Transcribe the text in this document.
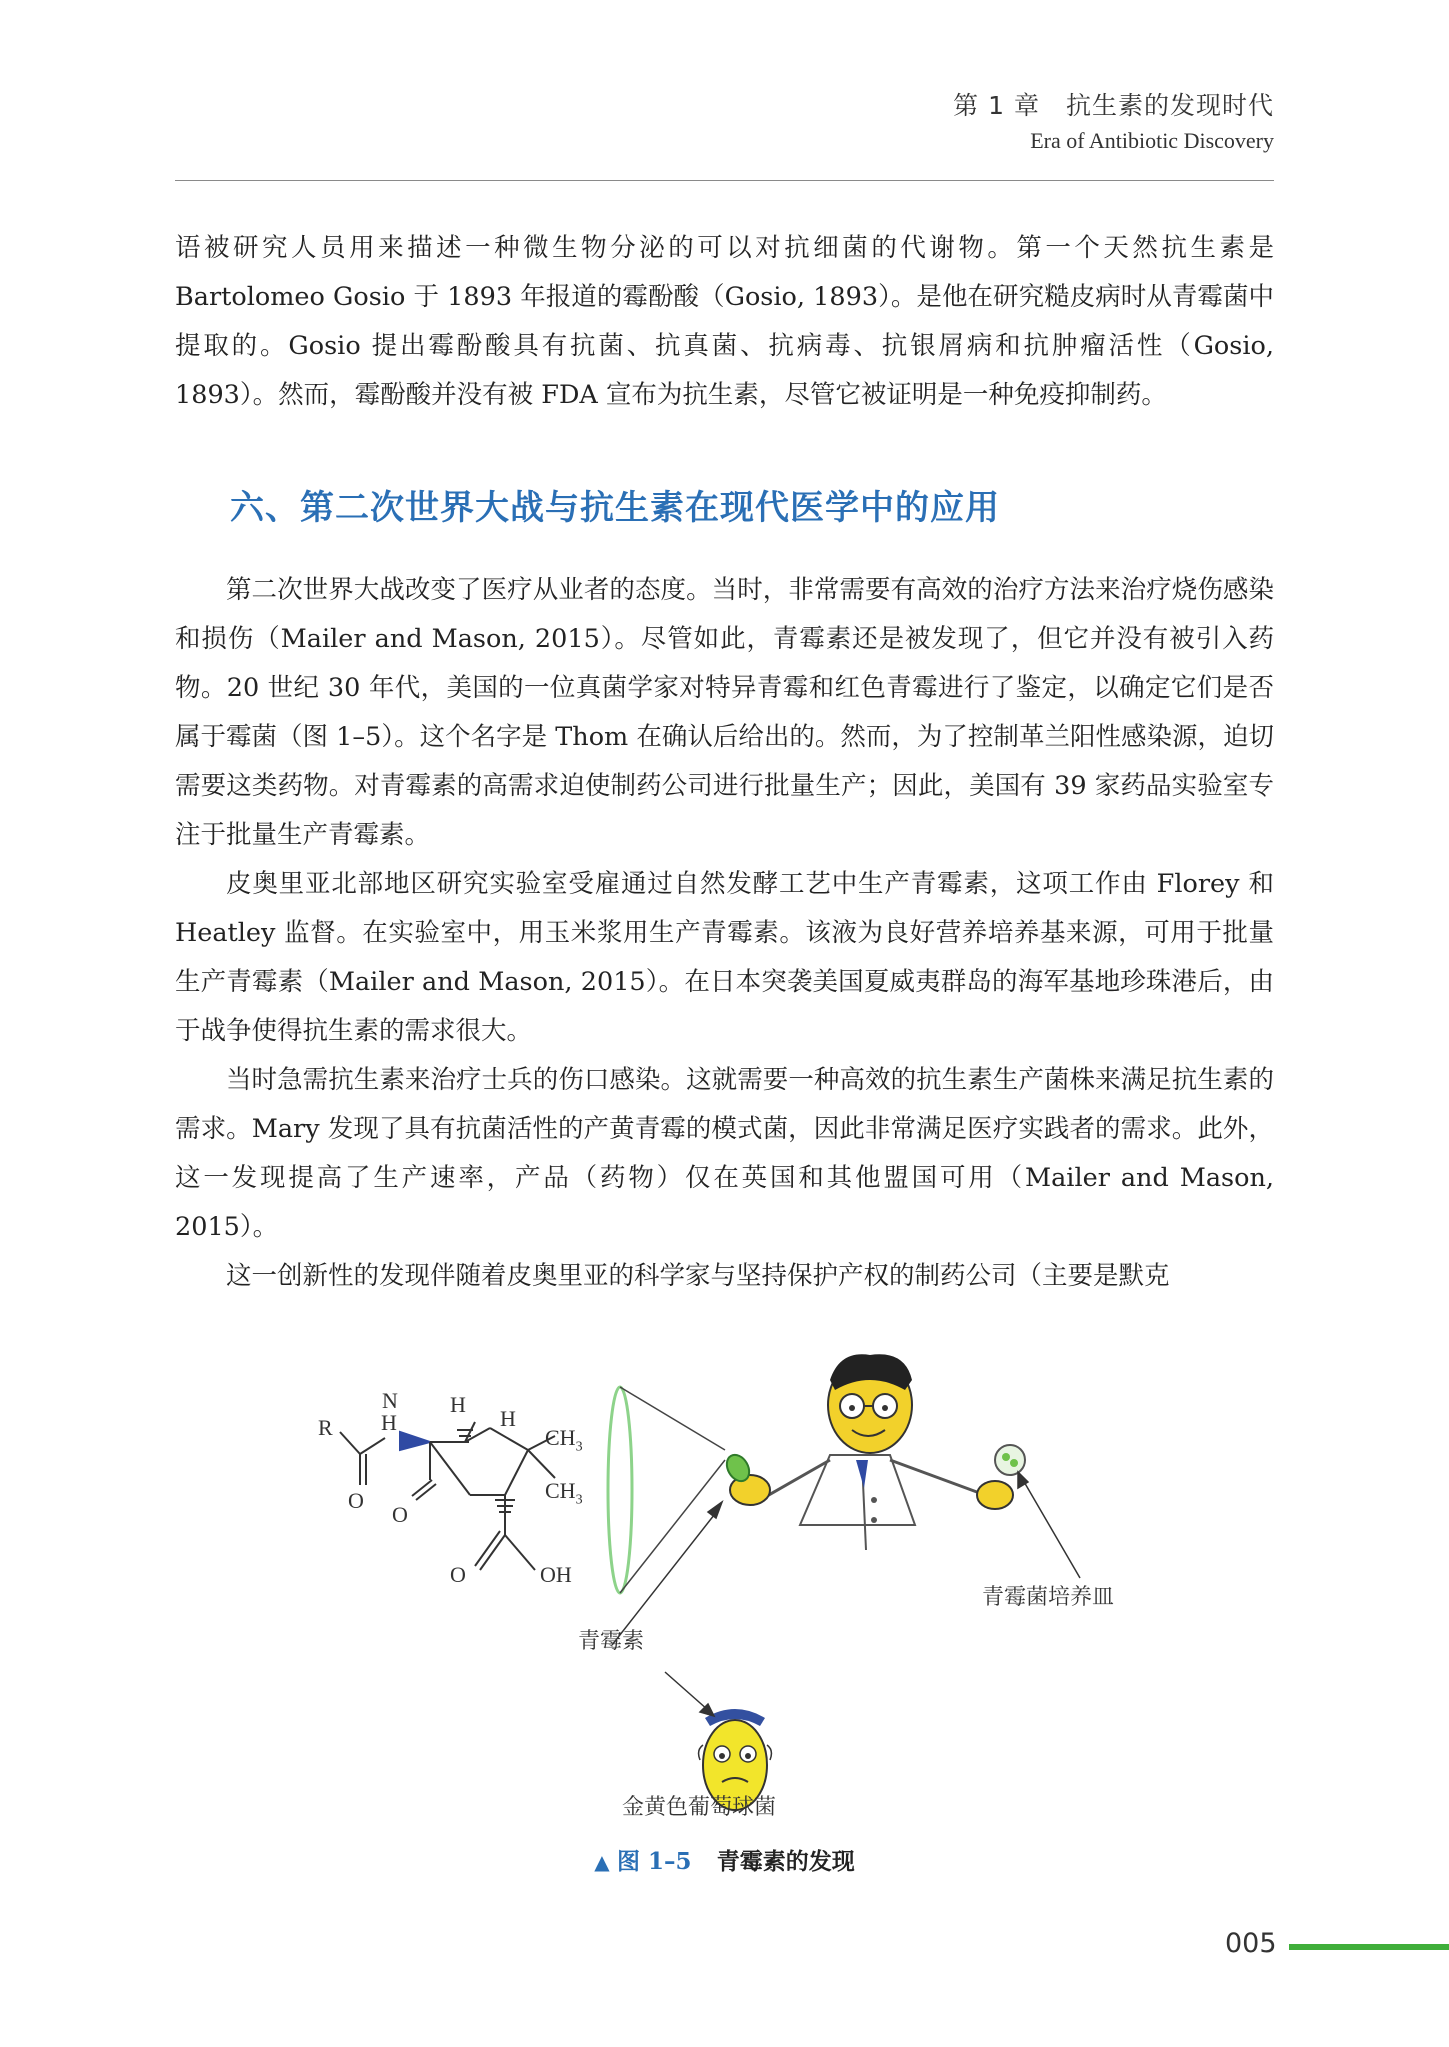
第 1 章 抗生素的发现时代
Era of Antibiotic Discovery

语被研究人员用来描述一种微生物分泌的可以对抗细菌的代谢物。第一个天然抗生素是 Bartolomeo Gosio 于 1893 年报道的霉酚酸（Gosio, 1893）。是他在研究糙皮病时从青霉菌中提取的。Gosio 提出霉酚酸具有抗菌、抗真菌、抗病毒、抗银屑病和抗肿瘤活性（Gosio, 1893）。然而，霉酚酸并没有被 FDA 宣布为抗生素，尽管它被证明是一种免疫抑制药。

六、第二次世界大战与抗生素在现代医学中的应用

第二次世界大战改变了医疗从业者的态度。当时，非常需要有高效的治疗方法来治疗烧伤感染和损伤（Mailer and Mason, 2015）。尽管如此，青霉素还是被发现了，但它并没有被引入药物。20 世纪 30 年代，美国的一位真菌学家对特异青霉和红色青霉进行了鉴定，以确定它们是否属于霉菌（图 1–5）。这个名字是 Thom 在确认后给出的。然而，为了控制革兰阳性感染源，迫切需要这类药物。对青霉素的高需求迫使制药公司进行批量生产；因此，美国有 39 家药品实验室专注于批量生产青霉素。

皮奥里亚北部地区研究实验室受雇通过自然发酵工艺中生产青霉素，这项工作由 Florey 和 Heatley 监督。在实验室中，用玉米浆用生产青霉素。该液为良好营养培养基来源，可用于批量生产青霉素（Mailer and Mason, 2015）。在日本突袭美国夏威夷群岛的海军基地珍珠港后，由于战争使得抗生素的需求很大。

当时急需抗生素来治疗士兵的伤口感染。这就需要一种高效的抗生素生产菌株来满足抗生素的需求。Mary 发现了具有抗菌活性的产黄青霉的模式菌，因此非常满足医疗实践者的需求。此外，这一发现提高了生产速率，产品（药物）仅在英国和其他盟国可用（Mailer and Mason, 2015）。

这一创新性的发现伴随着皮奥里亚的科学家与坚持保护产权的制药公司（主要是默克

R
N
H
H
H
$CH_3$
$CH_3$
O
O
O	OH
青霉素
青霉菌培养皿
金黄色葡萄球菌
▲ 图 1–5 青霉素的发现
005
